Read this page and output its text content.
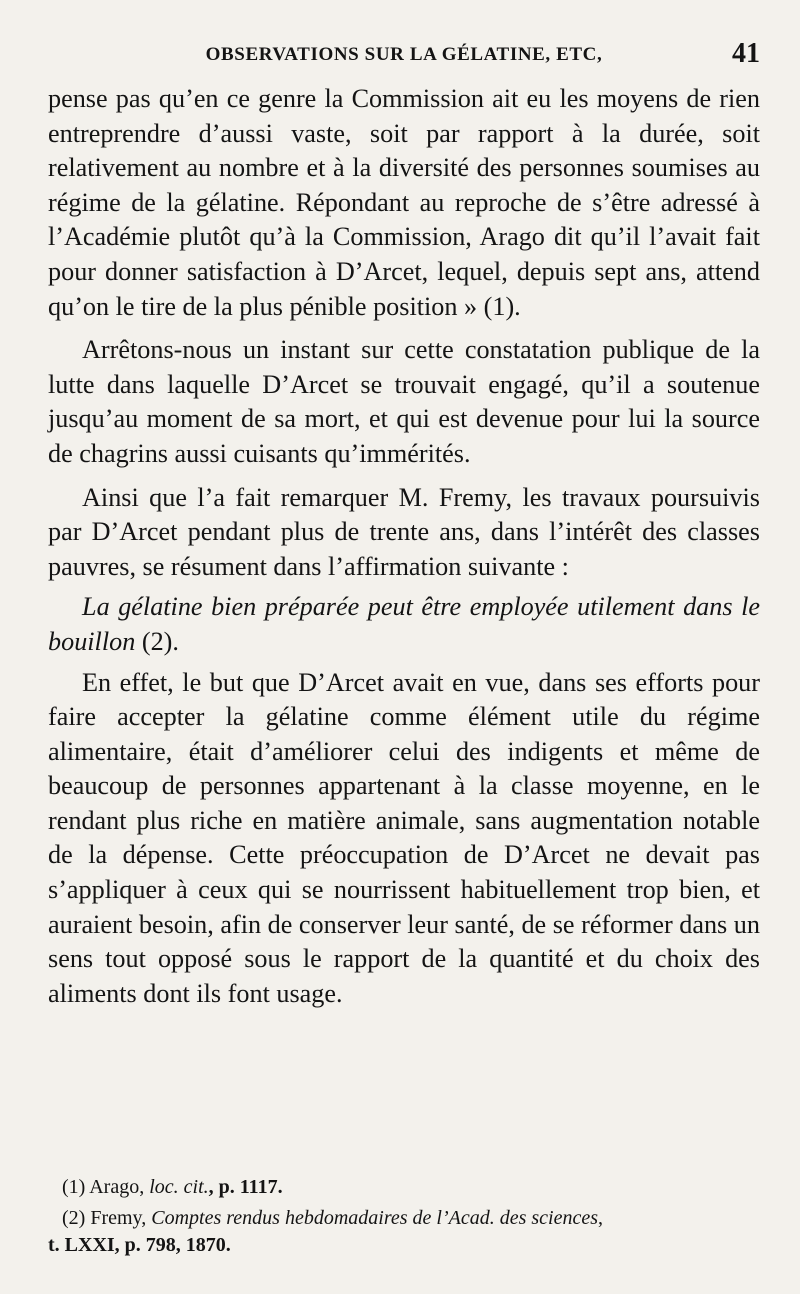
OBSERVATIONS SUR LA GÉLATINE, ETC,	41

pense pas qu’en ce genre la Commission ait eu les moyens de rien entreprendre d’aussi vaste, soit par rapport à la durée, soit relativement au nombre et à la diversité des personnes soumises au régime de la gélatine. Répondant au reproche de s’être adressé à l’Académie plutôt qu’à la Commission, Arago dit qu’il l’avait fait pour donner satisfaction à D’Arcet, lequel, depuis sept ans, attend qu’on le tire de la plus pénible position » (1).

Arrêtons-nous un instant sur cette constatation publique de la lutte dans laquelle D’Arcet se trouvait engagé, qu’il a soutenue jusqu’au moment de sa mort, et qui est devenue pour lui la source de chagrins aussi cuisants qu’immérités.

Ainsi que l’a fait remarquer M. Fremy, les travaux poursuivis par D’Arcet pendant plus de trente ans, dans l’intérêt des classes pauvres, se résument dans l’affirmation suivante :

La gélatine bien préparée peut être employée utilement dans le bouillon (2).

En effet, le but que D’Arcet avait en vue, dans ses efforts pour faire accepter la gélatine comme élément utile du régime alimentaire, était d’améliorer celui des indigents et même de beaucoup de personnes appartenant à la classe moyenne, en le rendant plus riche en matière animale, sans augmentation notable de la dépense. Cette préoccupation de D’Arcet ne devait pas s’appliquer à ceux qui se nourrissent habituellement trop bien, et auraient besoin, afin de conserver leur santé, de se réformer dans un sens tout opposé sous le rapport de la quantité et du choix des aliments dont ils font usage.

(1) Arago, loc. cit., p. 1117.

(2) Fremy, Comptes rendus hebdomadaires de l’Acad. des sciences,

t. LXXI, p. 798, 1870.
